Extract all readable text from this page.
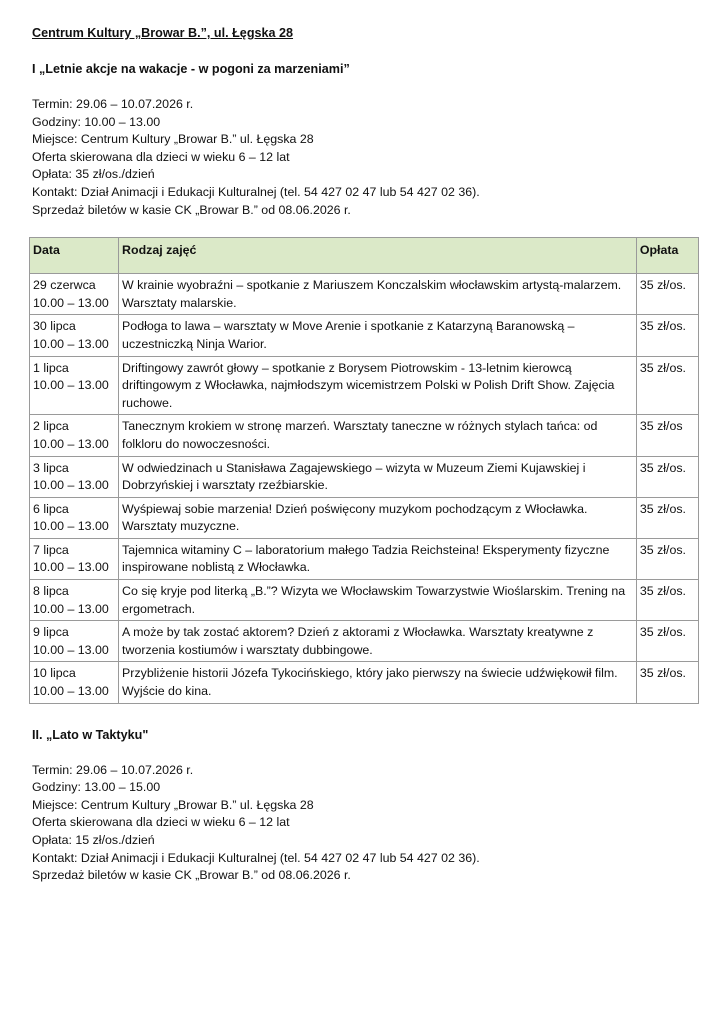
Centrum Kultury „Browar B.”, ul. Łęgska 28

I „Letnie akcje na wakacje - w pogoni za marzeniami”

Termin: 29.06 – 10.07.2026 r.
Godziny: 10.00 – 13.00
Miejsce: Centrum Kultury „Browar B.” ul. Łęgska 28
Oferta skierowana dla dzieci w wieku 6 – 12 lat
Opłata: 35 zł/os./dzień
Kontakt: Dział Animacji i Edukacji Kulturalnej (tel. 54 427 02 47 lub 54 427 02 36).
Sprzedaż biletów w kasie CK „Browar B.” od 08.06.2026 r.
Data	Rodzaj zajęć	Opłata

29 czerwca
10.00 – 13.00	W krainie wyobraźni – spotkanie z Mariuszem Konczalskim włocławskim artystą-malarzem. Warsztaty malarskie.	35 zł/os.

30 lipca
10.00 – 13.00	Podłoga to lawa – warsztaty w Move Arenie i spotkanie z Katarzyną Baranowską – uczestniczką Ninja Warior.	35 zł/os.

1 lipca
10.00 – 13.00	Driftingowy zawrót głowy – spotkanie z Borysem Piotrowskim - 13-letnim kierowcą driftingowym z Włocławka, najmłodszym wicemistrzem Polski w Polish Drift Show. Zajęcia ruchowe.	35 zł/os.

2 lipca
10.00 – 13.00	Tanecznym krokiem w stronę marzeń. Warsztaty taneczne w różnych stylach tańca: od folkloru do nowoczesności.	35 zł/os

3 lipca
10.00 – 13.00	W odwiedzinach u Stanisława Zagajewskiego – wizyta w Muzeum Ziemi Kujawskiej i Dobrzyńskiej i warsztaty rzeźbiarskie.	35 zł/os.

6 lipca
10.00 – 13.00	Wyśpiewaj sobie marzenia! Dzień poświęcony muzykom pochodzącym z Włocławka. Warsztaty muzyczne.	35 zł/os.

7 lipca
10.00 – 13.00	Tajemnica witaminy C – laboratorium małego Tadzia Reichsteina! Eksperymenty fizyczne inspirowane noblistą z Włocławka.	35 zł/os.

8 lipca
10.00 – 13.00	Co się kryje pod literką „B.”? Wizyta we Włocławskim Towarzystwie Wioślarskim. Trening na ergometrach.	35 zł/os.

9 lipca
10.00 – 13.00	A może by tak zostać aktorem? Dzień z aktorami z Włocławka. Warsztaty kreatywne z tworzenia kostiumów i warsztaty dubbingowe.	35 zł/os.

10 lipca
10.00 – 13.00	Przybliżenie historii Józefa Tykocińskiego, który jako pierwszy na świecie udźwiękowił film. Wyjście do kina.	35 zł/os.

II. „Lato w Taktyku"

Termin: 29.06 – 10.07.2026 r.
Godziny: 13.00 – 15.00
Miejsce: Centrum Kultury „Browar B.” ul. Łęgska 28
Oferta skierowana dla dzieci w wieku 6 – 12 lat
Opłata: 15 zł/os./dzień
Kontakt: Dział Animacji i Edukacji Kulturalnej (tel. 54 427 02 47 lub 54 427 02 36).
Sprzedaż biletów w kasie CK „Browar B.” od 08.06.2026 r.
